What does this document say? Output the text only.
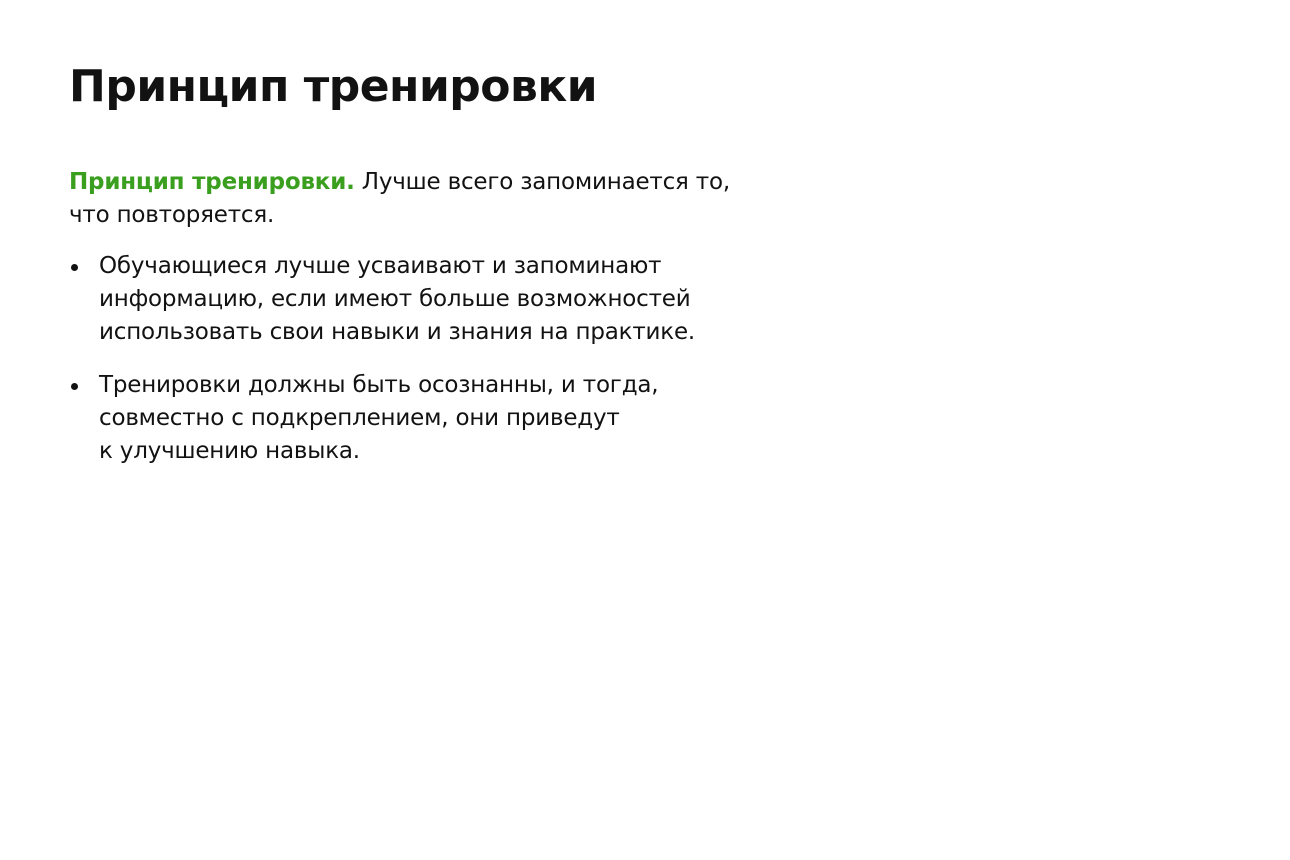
Принцип тренировки

Принцип тренировки. Лучше всего запоминается то,
что повторяется.

Обучающиеся лучше усваивают и запоминают
информацию, если имеют больше возможностей
использовать свои навыки и знания на практике.
Тренировки должны быть осознанны, и тогда,
совместно с подкреплением, они приведут
к улучшению навыка.
